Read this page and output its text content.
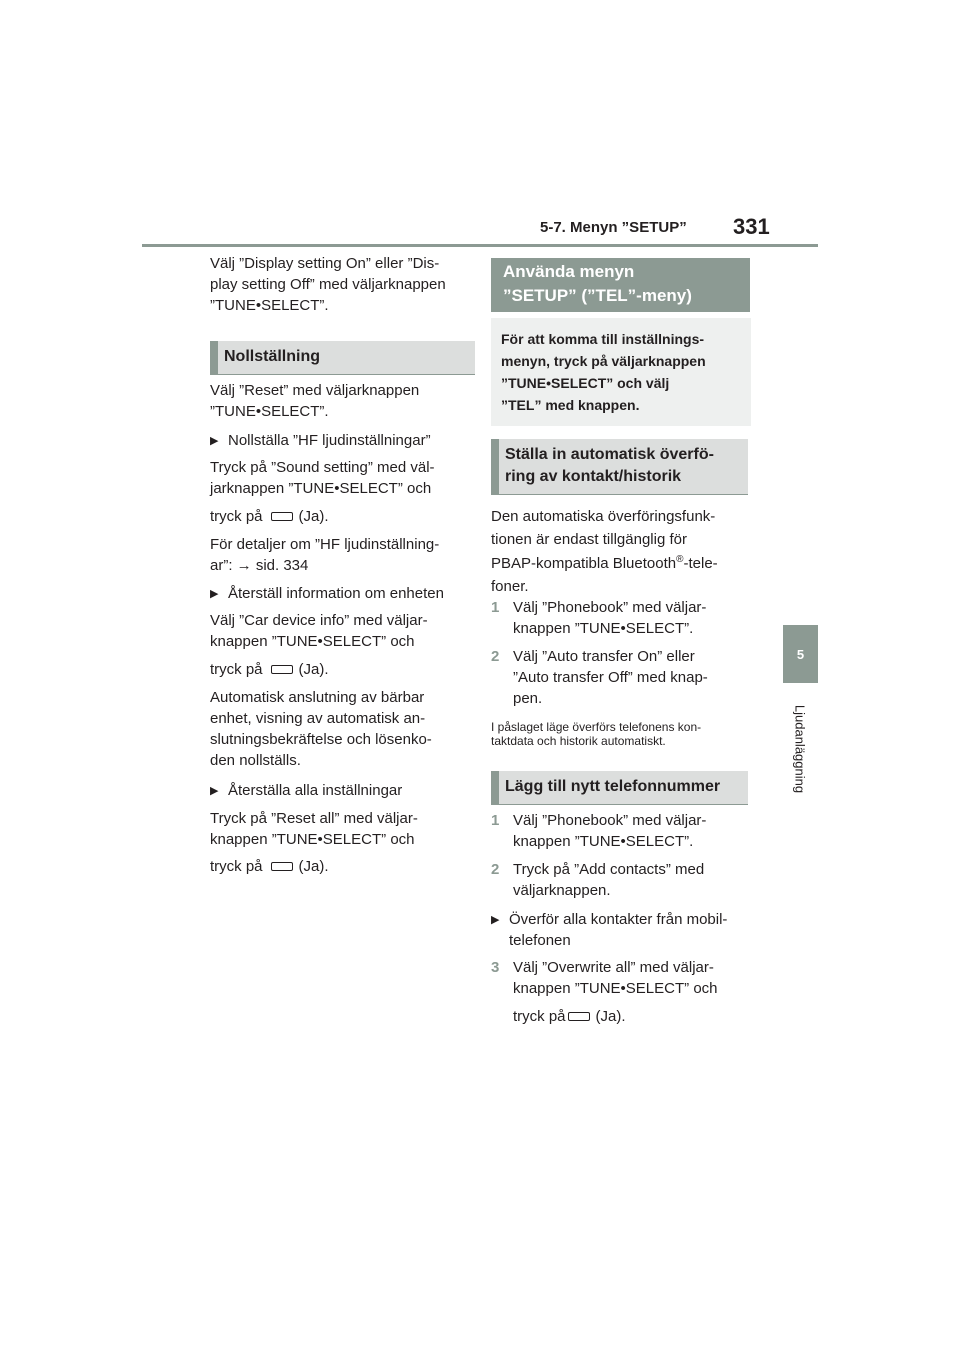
5-7. Menyn ”SETUP” 331
5
Ljudanläggning

Välj ”Display setting On” eller ”Dis-

play setting Off” med väljarknappen

”TUNE•SELECT”.

Nollställning

Välj ”Reset” med väljarknappen

”TUNE•SELECT”.

▶ Nollställa ”HF ljudinställningar”

Tryck på ”Sound setting” med väl-

jarknappen ”TUNE•SELECT” och

tryck på (Ja).

För detaljer om ”HF ljudinställning-

ar”: → sid. 334

▶ Återställ information om enheten

Välj ”Car device info” med väljar-

knappen ”TUNE•SELECT” och

tryck på (Ja).

Automatisk anslutning av bärbar

enhet, visning av automatisk an-

slutningsbekräftelse och lösenko-

den nollställs.

▶ Återställa alla inställningar

Tryck på ”Reset all” med väljar-

knappen ”TUNE•SELECT” och

tryck på (Ja).

Använda menyn
”SETUP” (”TEL”-meny)
För att komma till inställnings-
menyn, tryck på väljarknappen
”TUNE•SELECT” och välj
”TEL” med knappen.
Ställa in automatisk överfö-
ring av kontakt/historik

Den automatiska överföringsfunk-

tionen är endast tillgänglig för

PBAP-kompatibla Bluetooth®-tele-

foner.

1 Välj ”Phonebook” med väljar-
knappen ”TUNE•SELECT”.
2 Välj ”Auto transfer On” eller
”Auto transfer Off” med knap-
pen.

I påslaget läge överförs telefonens kon-

taktdata och historik automatiskt.

Lägg till nytt telefonnummer
1 Välj ”Phonebook” med väljar-
knappen ”TUNE•SELECT”.
2 Tryck på ”Add contacts” med
väljarknappen.
▶ Överför alla kontakter från mobil-
telefonen
3 Välj ”Overwrite all” med väljar-
knappen ”TUNE•SELECT” och

tryck på (Ja).
